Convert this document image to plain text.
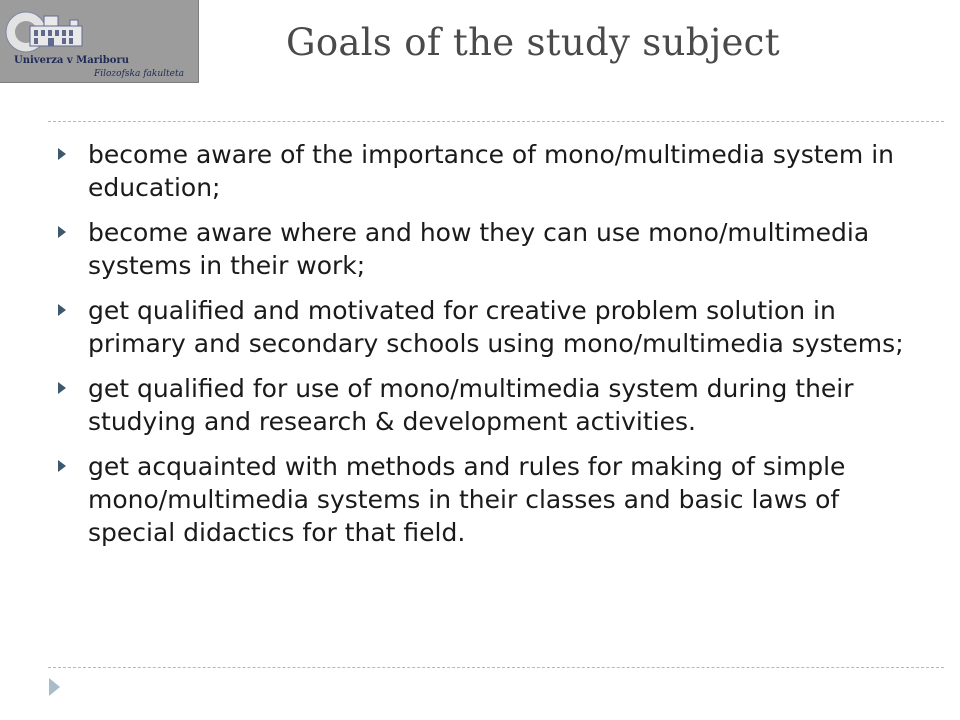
Univerza v Mariboru
Filozofska fakulteta
Goals of the study subject
become aware of the importance of mono/multimedia system in education;
become aware where and how they can use mono/multimedia systems in their work;
get qualified and motivated for creative problem solution in primary and secondary schools using mono/multimedia systems;
get qualified for use of mono/multimedia system during their studying and research & development activities.
get acquainted with methods and rules for making of simple mono/multimedia systems in their classes and basic laws of special didactics for that field.
